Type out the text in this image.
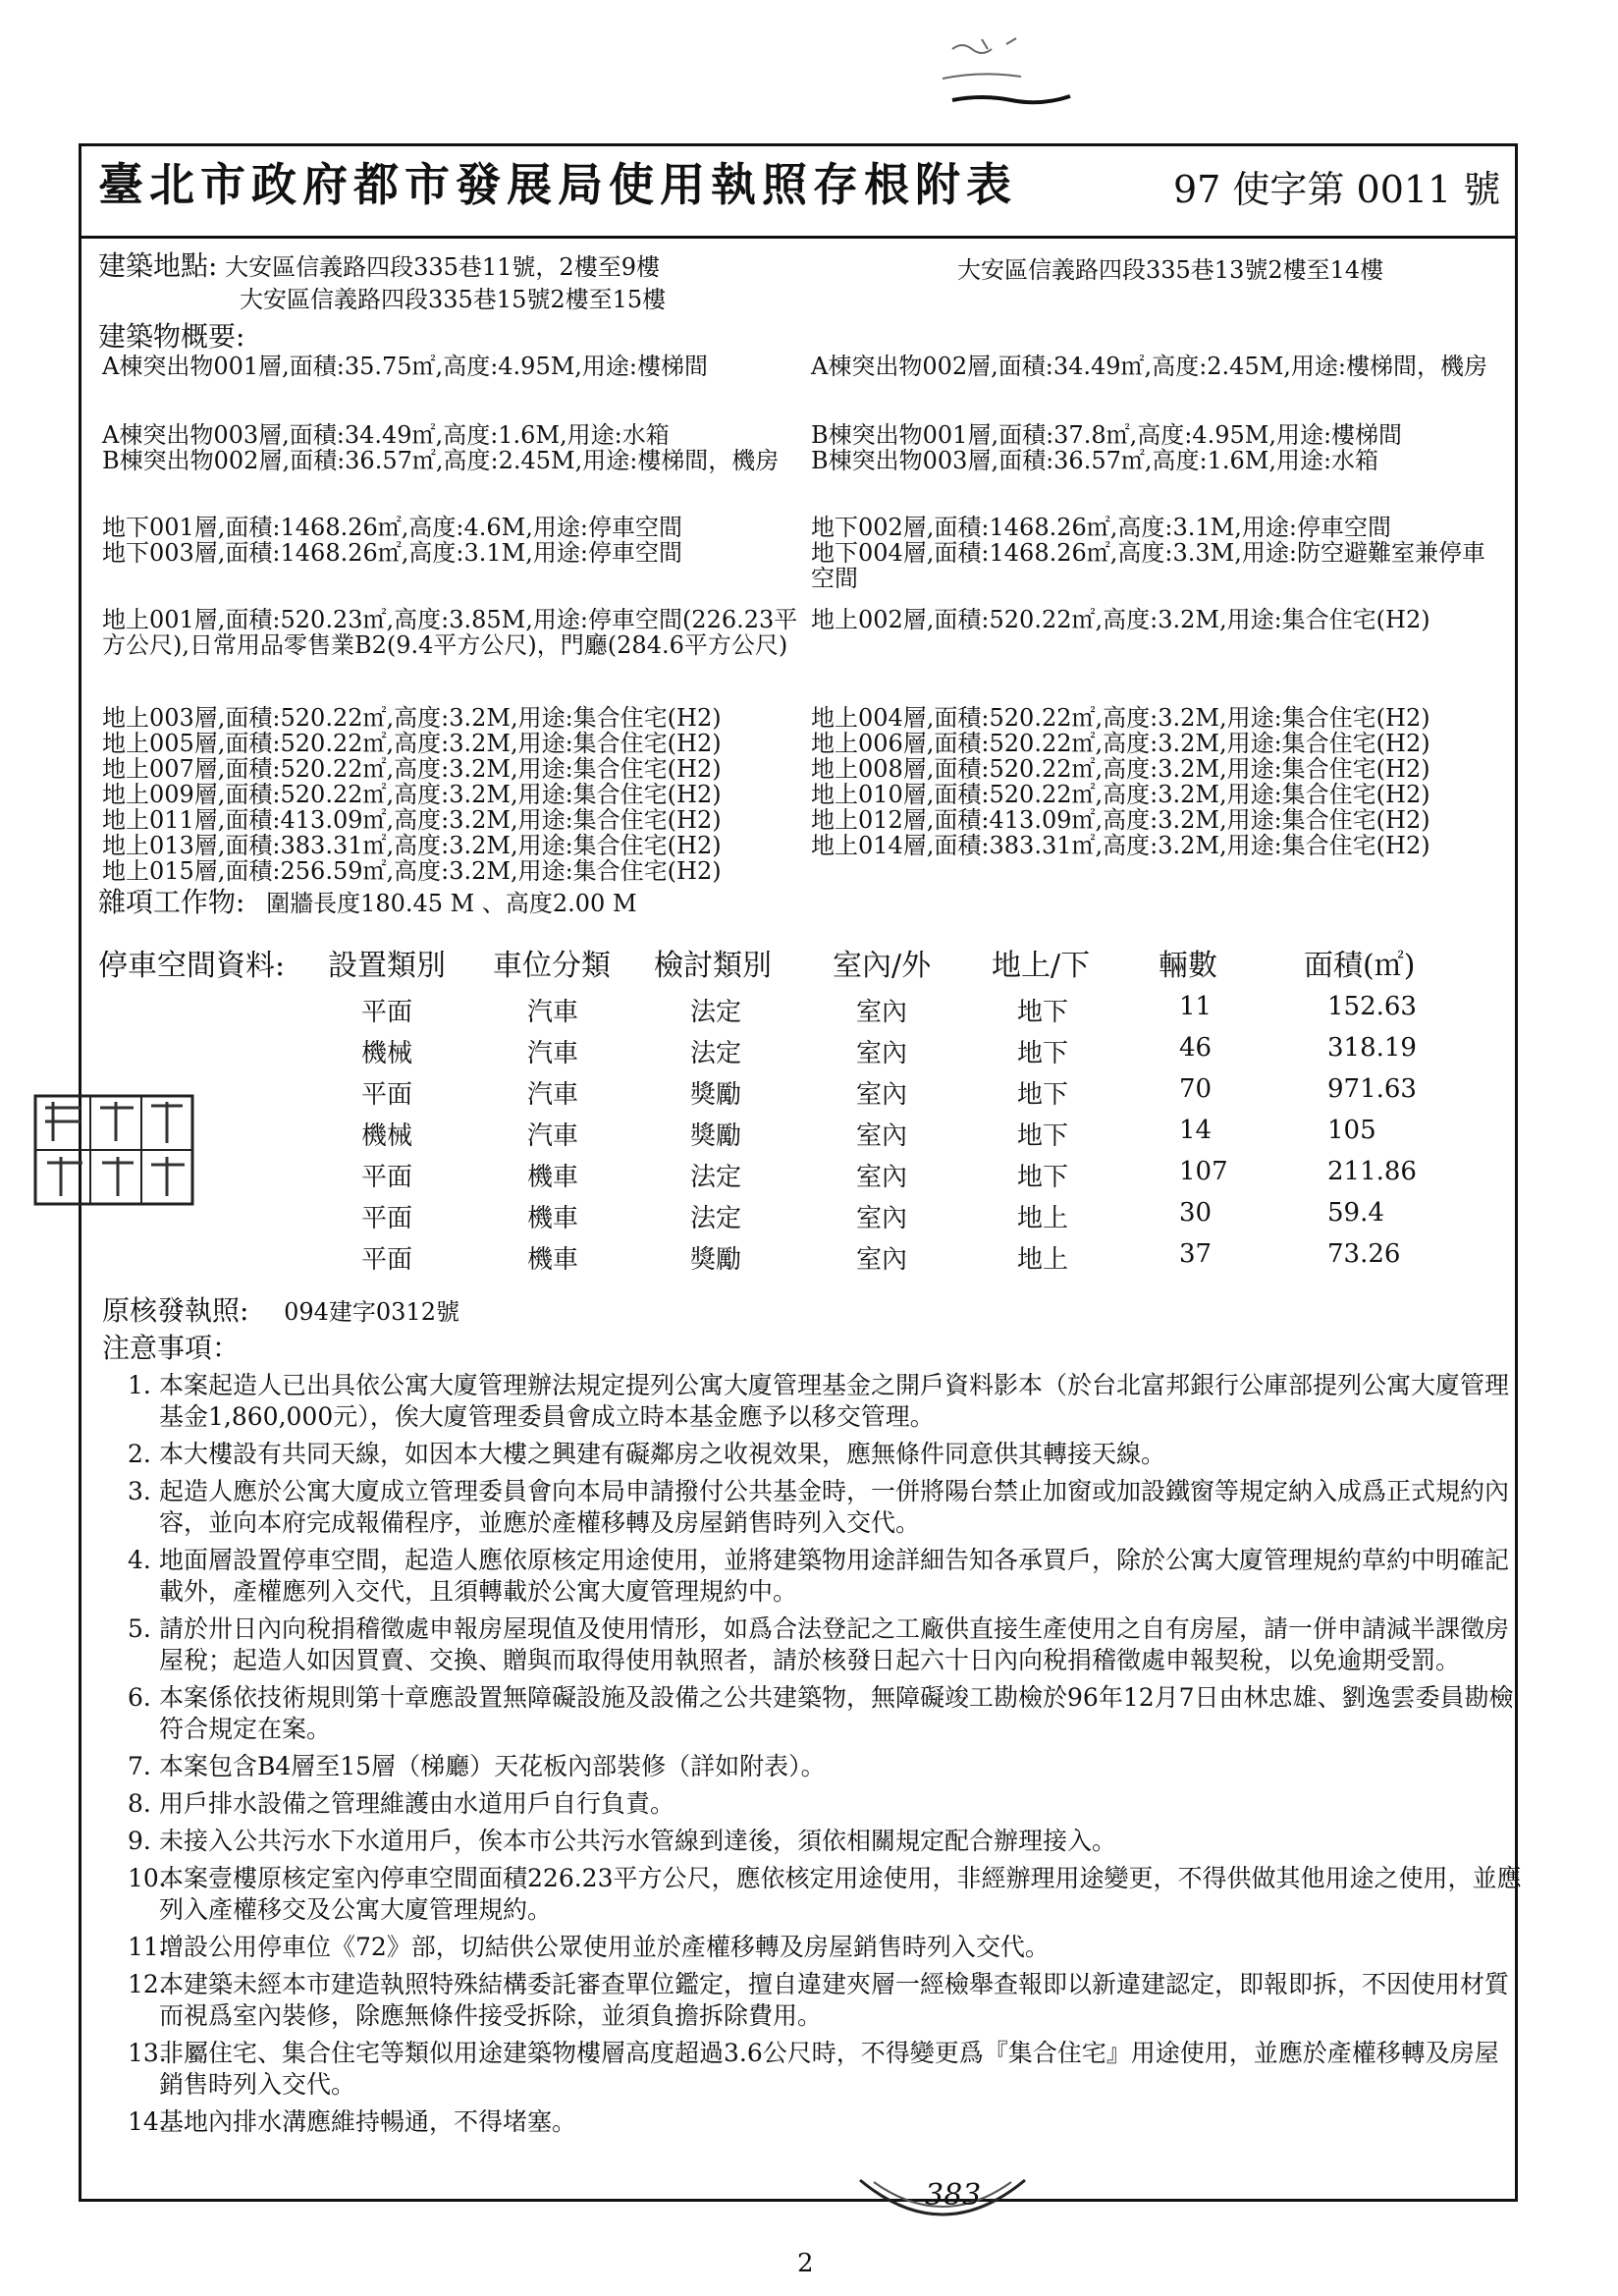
臺北市政府都市發展局使用執照存根附表	97 使字第 0011 號
建築地點: 大安區信義路四段335巷11號，2樓至9樓	大安區信義路四段335巷13號2樓至14樓
大安區信義路四段335巷15號2樓至15樓
建築物概要:
A棟突出物001層,面積:35.75㎡,高度:4.95M,用途:樓梯間	A棟突出物002層,面積:34.49㎡,高度:2.45M,用途:樓梯間，機房
A棟突出物003層,面積:34.49㎡,高度:1.6M,用途:水箱	B棟突出物001層,面積:37.8㎡,高度:4.95M,用途:樓梯間
B棟突出物002層,面積:36.57㎡,高度:2.45M,用途:樓梯間，機房	B棟突出物003層,面積:36.57㎡,高度:1.6M,用途:水箱
地下001層,面積:1468.26㎡,高度:4.6M,用途:停車空間	地下002層,面積:1468.26㎡,高度:3.1M,用途:停車空間
地下003層,面積:1468.26㎡,高度:3.1M,用途:停車空間	地下004層,面積:1468.26㎡,高度:3.3M,用途:防空避難室兼停車空間
地上001層,面積:520.23㎡,高度:3.85M,用途:停車空間(226.23平方公尺),日常用品零售業B2(9.4平方公尺)，門廳(284.6平方公尺)
地上002層,面積:520.22㎡,高度:3.2M,用途:集合住宅(H2)
地上003層,面積:520.22㎡,高度:3.2M,用途:集合住宅(H2)	地上004層,面積:520.22㎡,高度:3.2M,用途:集合住宅(H2)
地上005層,面積:520.22㎡,高度:3.2M,用途:集合住宅(H2)	地上006層,面積:520.22㎡,高度:3.2M,用途:集合住宅(H2)
地上007層,面積:520.22㎡,高度:3.2M,用途:集合住宅(H2)	地上008層,面積:520.22㎡,高度:3.2M,用途:集合住宅(H2)
地上009層,面積:520.22㎡,高度:3.2M,用途:集合住宅(H2)	地上010層,面積:520.22㎡,高度:3.2M,用途:集合住宅(H2)
地上011層,面積:413.09㎡,高度:3.2M,用途:集合住宅(H2)	地上012層,面積:413.09㎡,高度:3.2M,用途:集合住宅(H2)
地上013層,面積:383.31㎡,高度:3.2M,用途:集合住宅(H2)	地上014層,面積:383.31㎡,高度:3.2M,用途:集合住宅(H2)
地上015層,面積:256.59㎡,高度:3.2M,用途:集合住宅(H2)
雜項工作物: 圍牆長度180.45 M 、高度2.00 M
停車空間資料: 設置類別 車位分類 檢討類別 室內/外 地上/下 輛數	面積(㎡)
平面	汽車	法定	室內	地下	11	152.63
機械	汽車	法定	室內	地下	46	318.19
平面	汽車	獎勵	室內	地下	70	971.63
機械	汽車	獎勵	室內	地下	14	105
平面	機車	法定	室內	地下	107	211.86
平面	機車	法定	室內	地上	30	59.4
平面	機車	獎勵	室內	地上	37	73.26
原核發執照: 094建字0312號
注意事項：
1. 本案起造人已出具依公寓大廈管理辦法規定提列公寓大廈管理基金之開戶資料影本（於台北富邦銀行公庫部提列公寓大廈管理基金1,860,000元），俟大廈管理委員會成立時本基金應予以移交管理。
2. 本大樓設有共同天線，如因本大樓之興建有礙鄰房之收視效果，應無條件同意供其轉接天線。
3. 起造人應於公寓大廈成立管理委員會向本局申請撥付公共基金時，一併將陽台禁止加窗或加設鐵窗等規定納入成爲正式規約內容，並向本府完成報備程序，並應於產權移轉及房屋銷售時列入交代。
4. 地面層設置停車空間，起造人應依原核定用途使用，並將建築物用途詳細告知各承買戶，除於公寓大廈管理規約草約中明確記載外，產權應列入交代，且須轉載於公寓大廈管理規約中。
5. 請於卅日內向稅捐稽徵處申報房屋現值及使用情形，如爲合法登記之工廠供直接生產使用之自有房屋，請一併申請減半課徵房屋稅；起造人如因買賣、交換、贈與而取得使用執照者，請於核發日起六十日內向稅捐稽徵處申報契稅，以免逾期受罰。
6. 本案係依技術規則第十章應設置無障礙設施及設備之公共建築物，無障礙竣工勘檢於96年12月7日由林忠雄、劉逸雲委員勘檢符合規定在案。
7. 本案包含B4層至15層（梯廳）天花板內部裝修（詳如附表）。
8. 用戶排水設備之管理維護由水道用戶自行負責。
9. 未接入公共污水下水道用戶，俟本市公共污水管線到達後，須依相關規定配合辦理接入。
10.
本案壹樓原核定室內停車空間面積226.23平方公尺，應依核定用途使用，非經辦理用途變更，不得供做其他用途之使用，並應列入產權移交及公寓大廈管理規約。
11.
增設公用停車位《72》部，切結供公眾使用並於產權移轉及房屋銷售時列入交代。
12.
本建築未經本市建造執照特殊結構委託審查單位鑑定，擅自違建夾層一經檢舉查報即以新違建認定，即報即拆，不因使用材質而視爲室內裝修，除應無條件接受拆除，並須負擔拆除費用。
13.
非屬住宅、集合住宅等類似用途建築物樓層高度超過3.6公尺時，不得變更爲『集合住宅』用途使用，並應於產權移轉及房屋銷售時列入交代。
14.
基地內排水溝應維持暢通，不得堵塞。
383
2
